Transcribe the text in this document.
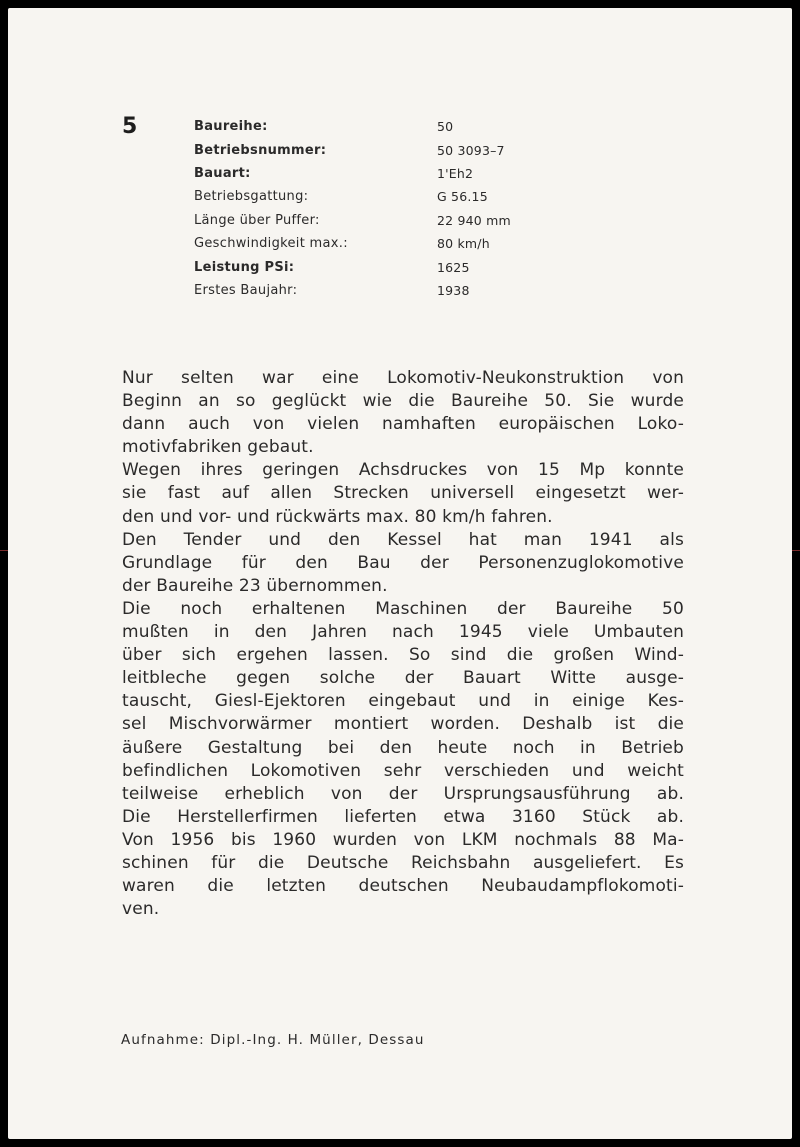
5	Baureihe:	50
Betriebsnummer:	50 3093–7
Bauart:	1'Eh2
Betriebsgattung:	G 56.15
Länge über Puffer:	22 940 mm
Geschwindigkeit max.:	80 km/h
Leistung PSi:	1625
Erstes Baujahr:	1938
Nur selten war eine Lokomotiv-Neukonstruktion von
Beginn an so geglückt wie die Baureihe 50. Sie wurde
dann auch von vielen namhaften europäischen Loko-
motivfabriken gebaut.
Wegen ihres geringen Achsdruckes von 15 Mp konnte
sie fast auf allen Strecken universell eingesetzt wer-
den und vor- und rückwärts max. 80 km/h fahren.
Den Tender und den Kessel hat man 1941 als
Grundlage für den Bau der Personenzuglokomotive
der Baureihe 23 übernommen.
Die noch erhaltenen Maschinen der Baureihe 50
mußten in den Jahren nach 1945 viele Umbauten
über sich ergehen lassen. So sind die großen Wind-
leitbleche gegen solche der Bauart Witte ausge-
tauscht, Giesl-Ejektoren eingebaut und in einige Kes-
sel Mischvorwärmer montiert worden. Deshalb ist die
äußere Gestaltung bei den heute noch in Betrieb
befindlichen Lokomotiven sehr verschieden und weicht
teilweise erheblich von der Ursprungsausführung ab.
Die Herstellerfirmen lieferten etwa 3160 Stück ab.
Von 1956 bis 1960 wurden von LKM nochmals 88 Ma-
schinen für die Deutsche Reichsbahn ausgeliefert. Es
waren die letzten deutschen Neubaudampflokomoti-
ven.
Aufnahme: Dipl.-Ing. H. Müller, Dessau
